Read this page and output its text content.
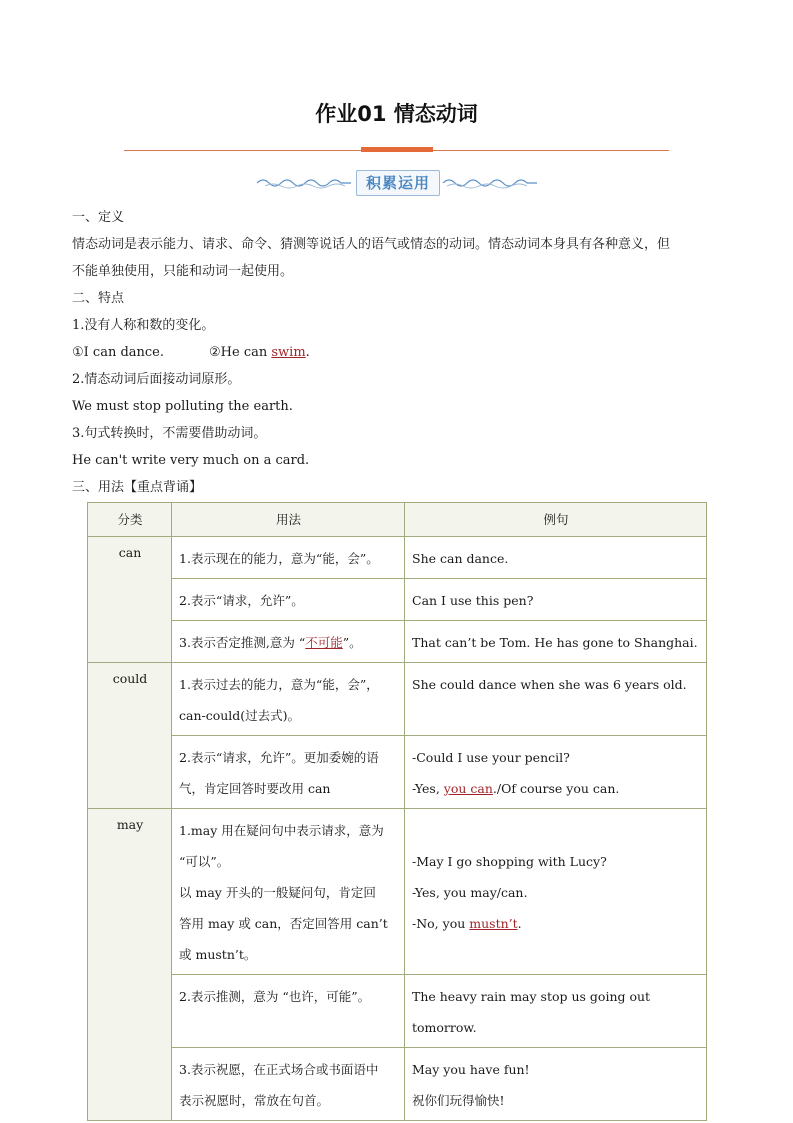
作业01 情态动词
积累运用
一、定义
情态动词是表示能力、请求、命令、猜测等说话人的语气或情态的动词。情态动词本身具有各种意义，但
不能单独使用，只能和动词一起使用。
二、特点
1.没有人称和数的变化。
①I can dance.	②He can swim.
2.情态动词后面接动词原形。
We must stop polluting the earth.
3.句式转换时，不需要借助动词。
He can't write very much on a card.
三、用法【重点背诵】
分类	用法	例句
can	1.表示现在的能力，意为“能，会”。	She can dance.
	2.表示“请求，允许”。	Can I use this pen?
	3.表示否定推测,意为 “不可能”。	That can’t be Tom. He has gone to Shanghai.
could	1.表示过去的能力，意为“能，会”，
can-could(过去式)。	She could dance when she was 6 years old.

	2.表示“请求，允许”。更加委婉的语
气，肯定回答时要改用 can	-Could I use your pencil?
-Yes, you can./Of course you can.

may	1.may 用在疑问句中表示请求，意为
“可以”。
以 may 开头的一般疑问句，肯定回
答用 may 或 can，否定回答用 can’t
或 mustn’t。	-May I go shopping with Lucy?
-Yes, you may/can.
-No, you mustn’t.

	2.表示推测，意为 “也许，可能”。	The heavy rain may stop us going out tomorrow.

	3.表示祝愿，在正式场合或书面语中
表示祝愿时，常放在句首。	May you have fun!
祝你们玩得愉快!
